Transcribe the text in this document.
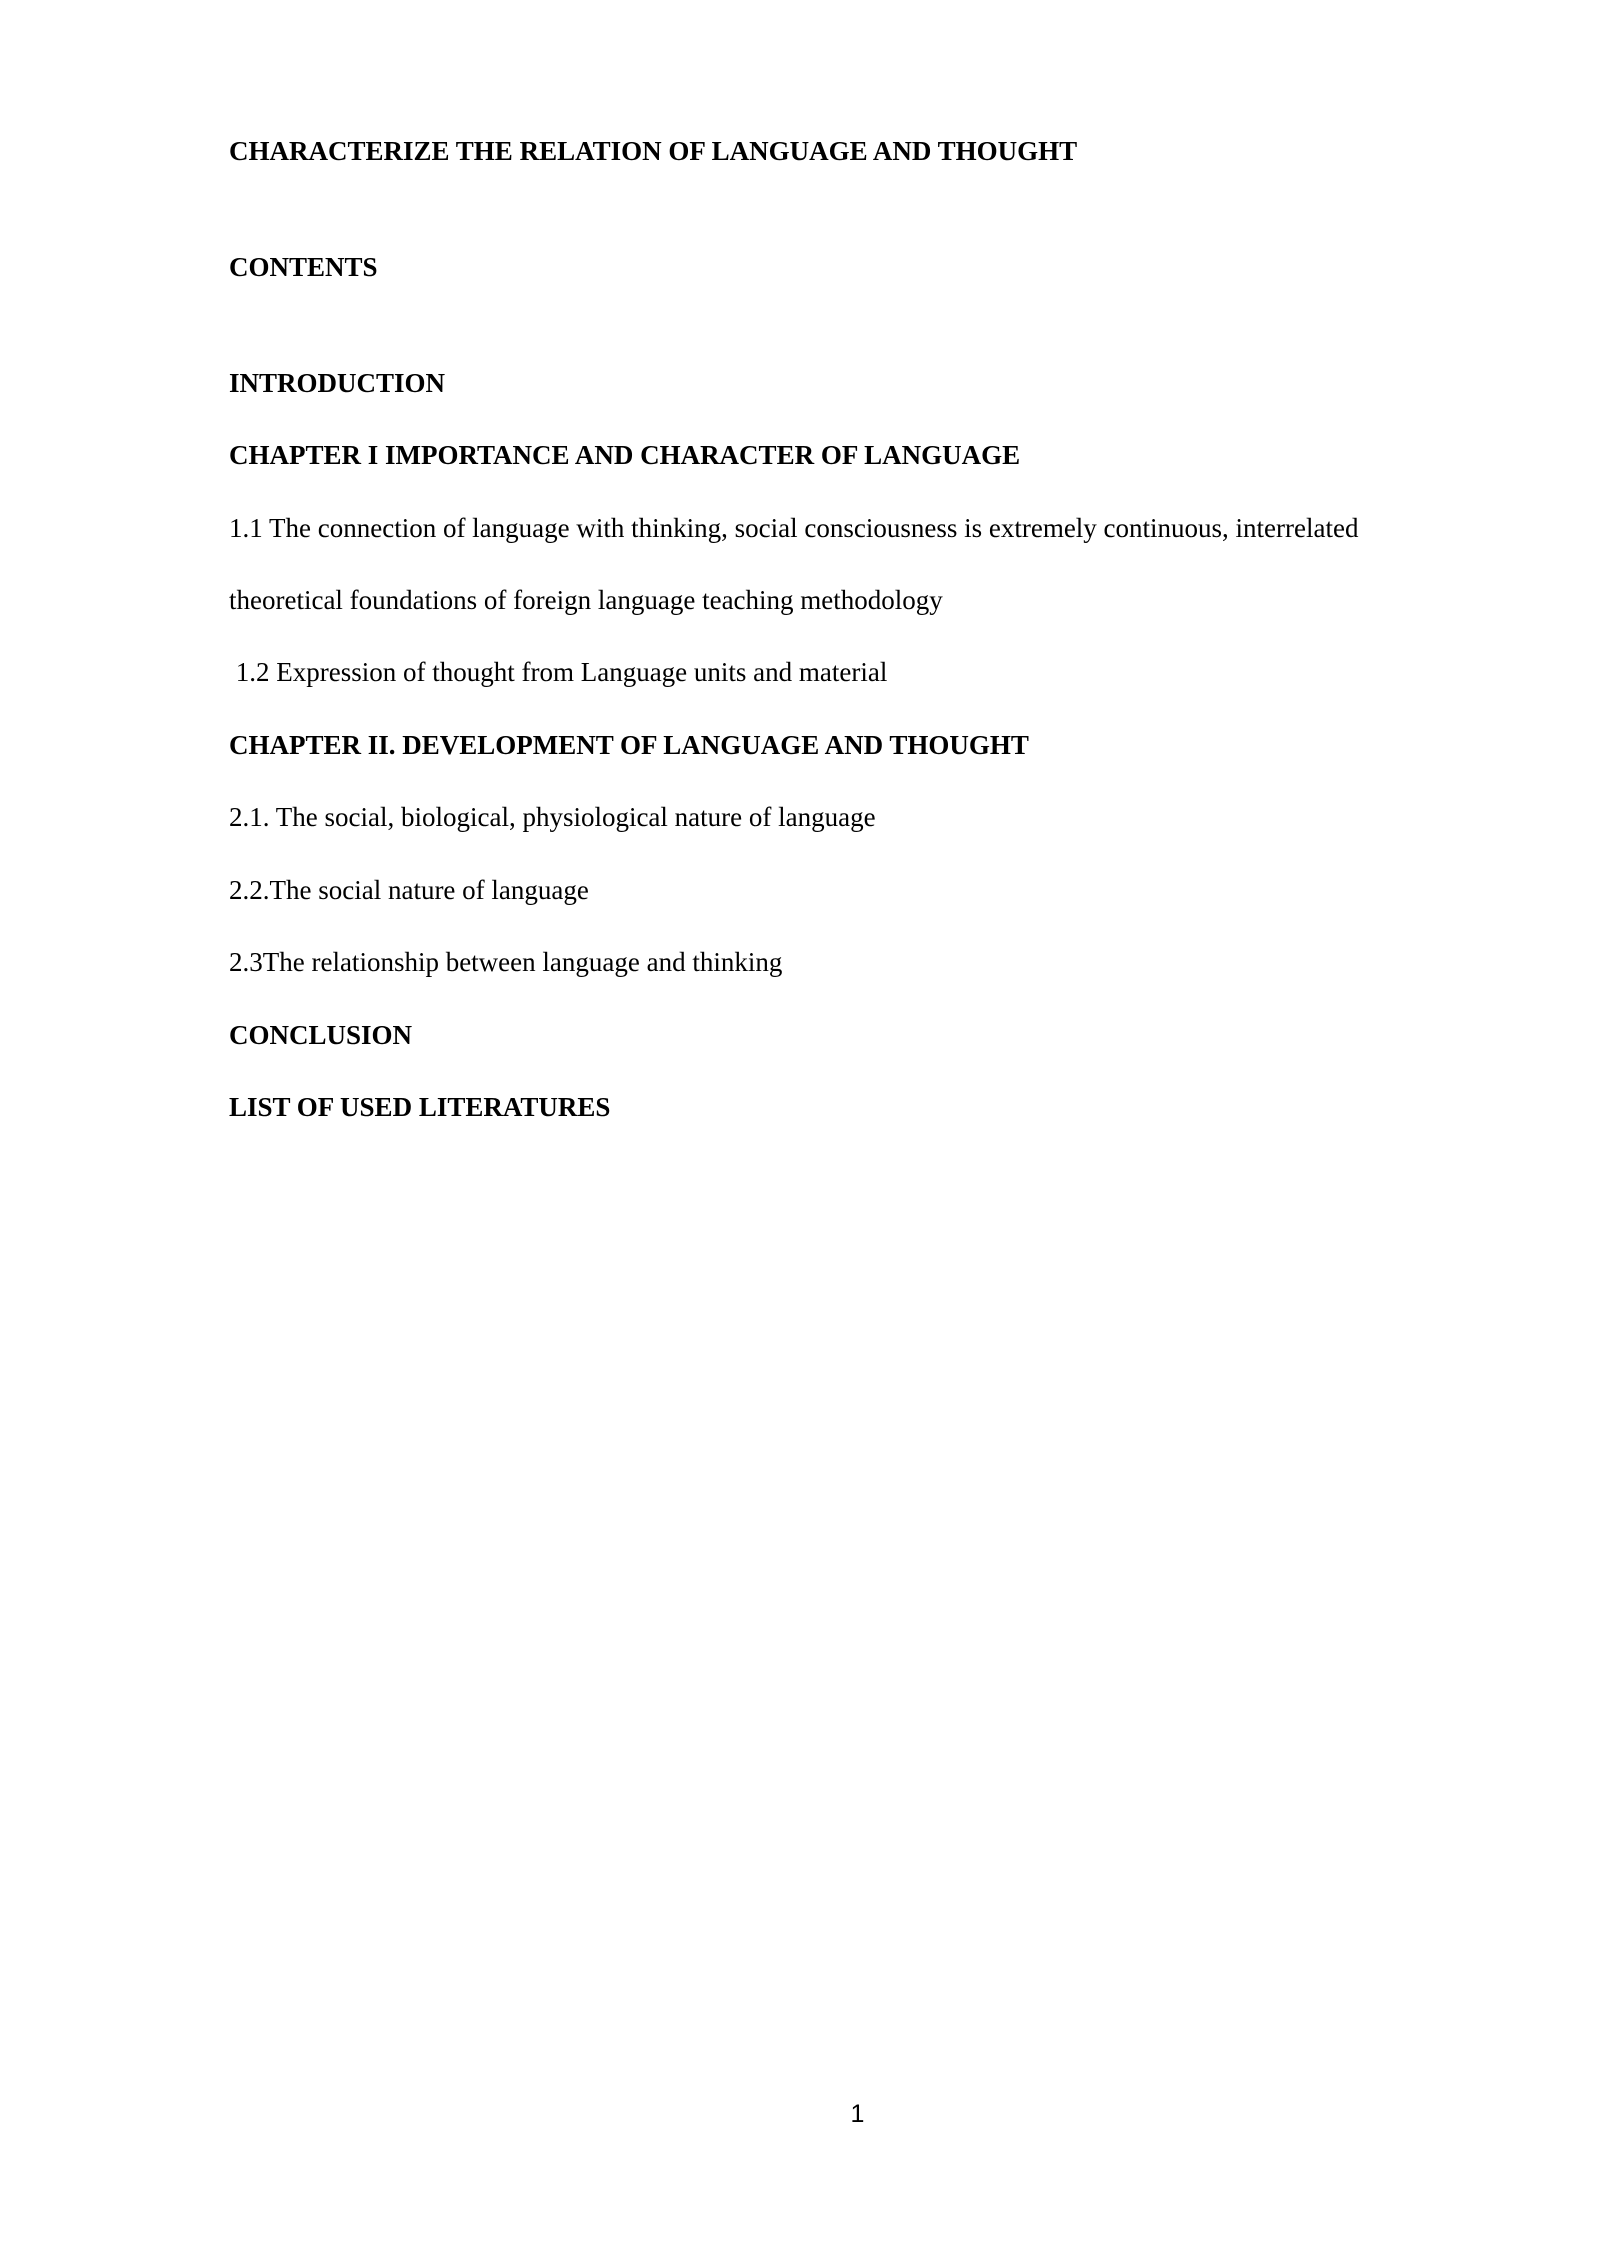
CHARACTERIZE THE RELATION OF LANGUAGE AND THOUGHT
CONTENTS
INTRODUCTION
CHAPTER I IMPORTANCE AND CHARACTER OF LANGUAGE
1.1 The connection of language with thinking, social consciousness is extremely continuous, interrelated
theoretical foundations of foreign language teaching methodology
1.2 Expression of thought from Language units and material
CHAPTER II. DEVELOPMENT OF LANGUAGE AND THOUGHT
2.1. The social, biological, physiological nature of language
2.2.The social nature of language
2.3The relationship between language and thinking
CONCLUSION
LIST OF USED LITERATURES
1
